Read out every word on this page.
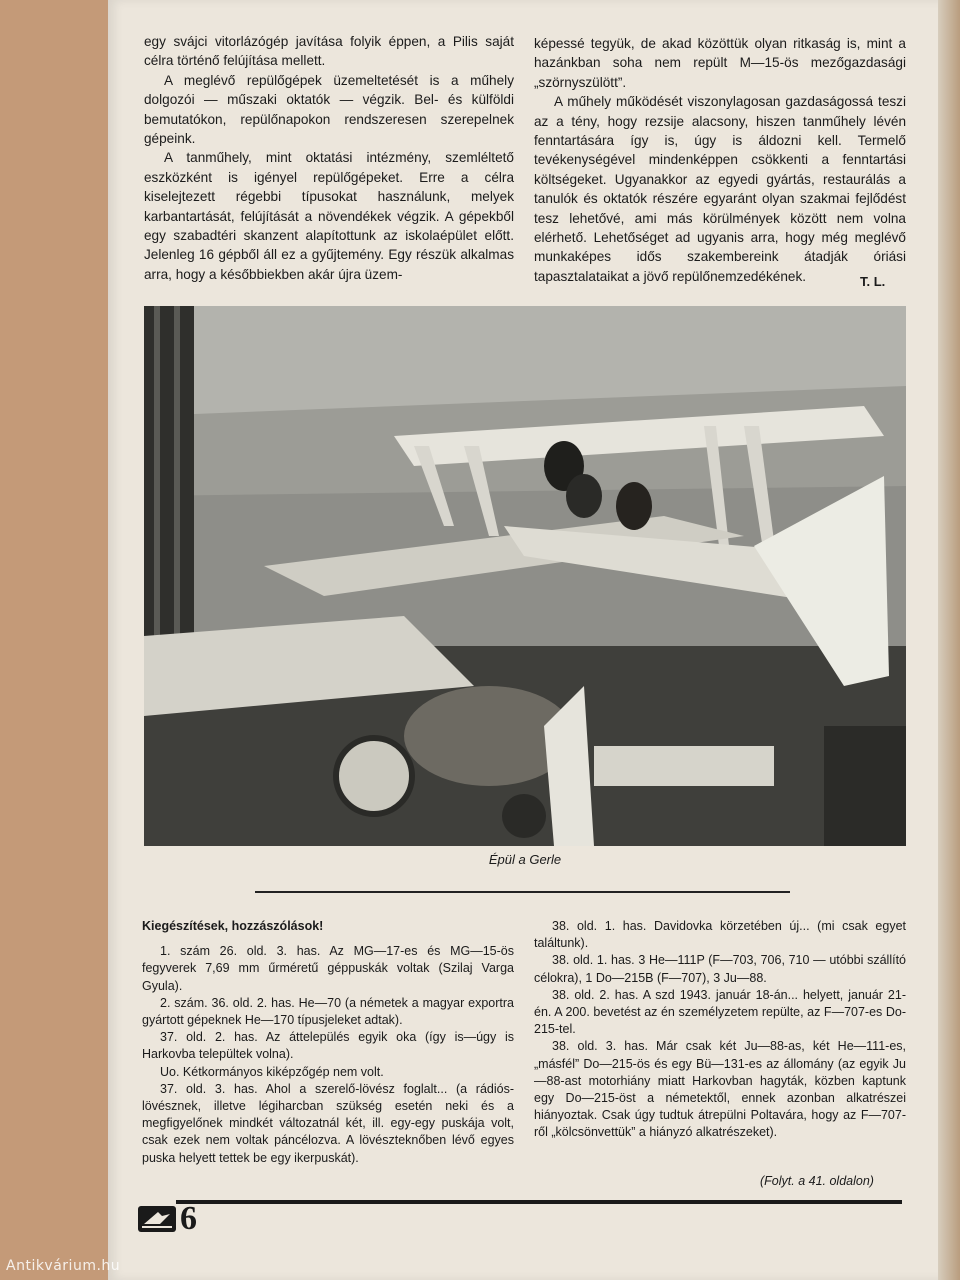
egy svájci vitorlázógép javítása folyik éppen, a Pilis saját célra történő felújítása mellett.

A meglévő repülőgépek üzemeltetését is a műhely dolgozói — műszaki oktatók — végzik. Bel- és külföldi bemutatókon, repülőnapokon rendszeresen szerepelnek gépeink.

A tanműhely, mint oktatási intézmény, szemléltető eszközként is igényel repülőgépeket. Erre a célra kiselejtezett régebbi típusokat használunk, melyek karbantartását, felújítását a növendékek végzik. A gépekből egy szabadtéri skanzent alapítottunk az iskolaépület előtt. Jelenleg 16 gépből áll ez a gyűjtemény. Egy részük alkalmas arra, hogy a későbbiekben akár újra üzem-

képessé tegyük, de akad közöttük olyan ritkaság is, mint a hazánkban soha nem repült M—15-ös mezőgazdasági „szörnyszülött”.

A műhely működését viszonylagosan gazdaságossá teszi az a tény, hogy rezsije alacsony, hiszen tanműhely lévén fenntartására így is, úgy is áldozni kell. Termelő tevékenységével mindenképpen csökkenti a fenntartási költségeket. Ugyanakkor az egyedi gyártás, restaurálás a tanulók és oktatók részére egyaránt olyan szakmai fejlődést tesz lehetővé, ami más körülmények között nem volna elérhető. Lehetőséget ad ugyanis arra, hogy még meglévő munkaképes idős szakembereink átadják óriási tapasztalataikat a jövő repülőnemzedékének.	T. L.
Épül a Gerle

Kiegészítések, hozzászólások!

1. szám 26. old. 3. has. Az MG—17-es és MG—15-ös fegyverek 7,69 mm űrméretű géppuskák voltak (Szilaj Varga Gyula).

2. szám. 36. old. 2. has. He—70 (a németek a magyar exportra gyártott gépeknek He—170 típusjeleket adtak).

37. old. 2. has. Az áttelepülés egyik oka (így is—úgy is Harkovba települtek volna).

Uo. Kétkormányos kiképzőgép nem volt.

37. old. 3. has. Ahol a szerelő-lövész foglalt... (a rádiós-lövésznek, illetve légiharcban szükség esetén neki és a megfigyelőnek mindkét változatnál két, ill. egy-egy puskája volt, csak ezek nem voltak páncélozva. A lövészteknőben lévő egyes puska helyett tettek be egy ikerpuskát).

38. old. 1. has. Davidovka körzetében új... (mi csak egyet találtunk).

38. old. 1. has. 3 He—111P (F—703, 706, 710 — utóbbi szállító célokra), 1 Do—215B (F—707), 3 Ju—88.

38. old. 2. has. A szd 1943. január 18-án... helyett, január 21-én. A 200. bevetést az én személyzetem repülte, az F—707-es Do-215-tel.

38. old. 3. has. Már csak két Ju—88-as, két He—111-es, „másfél” Do—215-ös és egy Bü—131-es az állomány (az egyik Ju—88-ast motorhiány miatt Harkovban hagyták, közben kaptunk egy Do—215-öst a németektől, ennek azonban alkatrészei hiányoztak. Csak úgy tudtuk átrepülni Poltavára, hogy az F—707-ről „kölcsönvettük” a hiányzó alkatrészeket).

(Folyt. a 41. oldalon)
6
Antikvárium.hu
